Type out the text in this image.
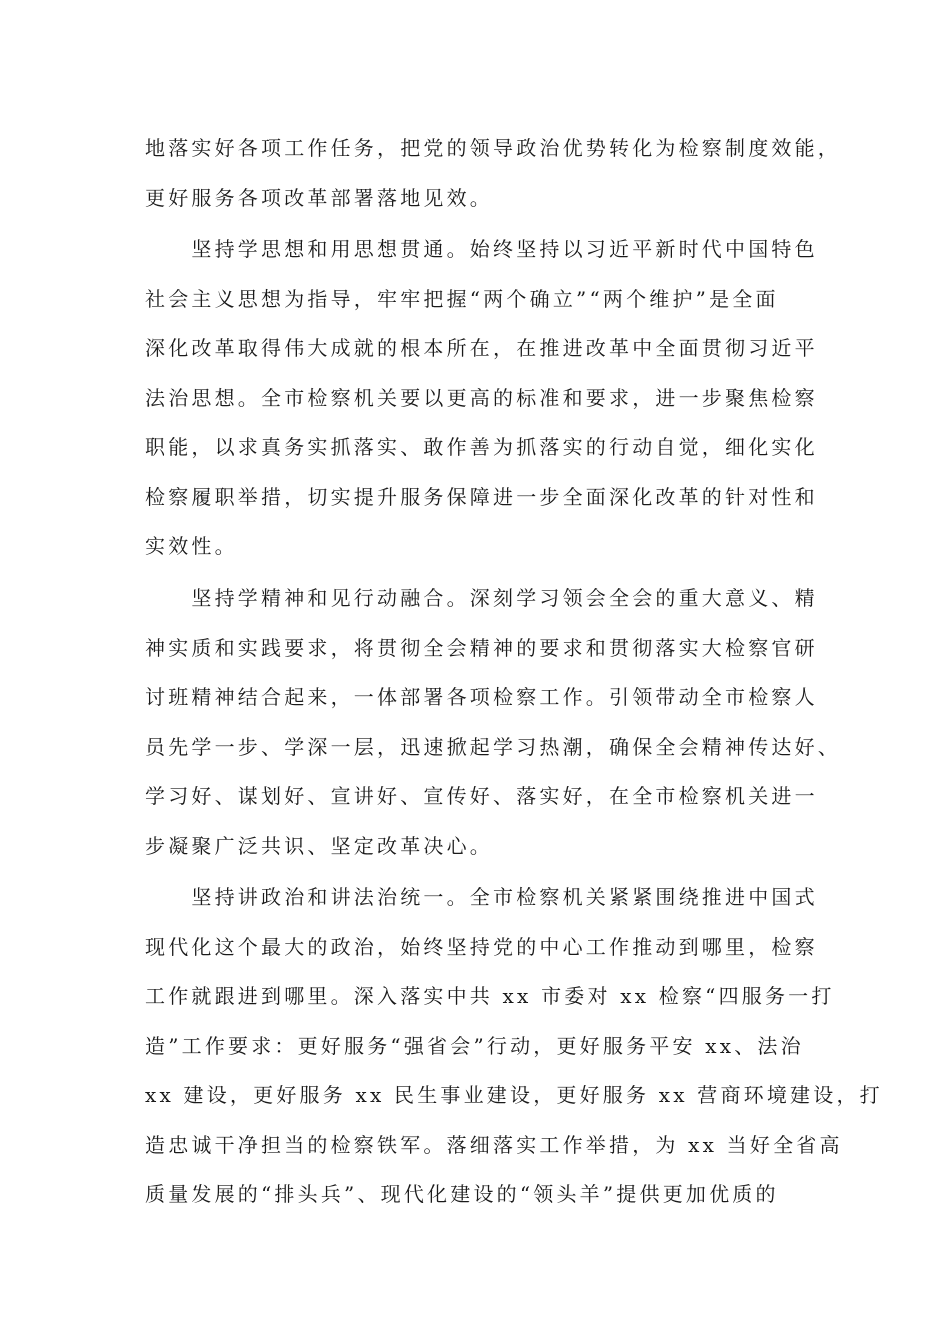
地落实好各项工作任务，把党的领导政治优势转化为检察制度效能，
更好服务各项改革部署落地见效。
　　坚持学思想和用思想贯通。始终坚持以习近平新时代中国特色
社会主义思想为指导，牢牢把握“两个确立”“两个维护”是全面
深化改革取得伟大成就的根本所在，在推进改革中全面贯彻习近平
法治思想。全市检察机关要以更高的标准和要求，进一步聚焦检察
职能，以求真务实抓落实、敢作善为抓落实的行动自觉，细化实化
检察履职举措，切实提升服务保障进一步全面深化改革的针对性和
实效性。
　　坚持学精神和见行动融合。深刻学习领会全会的重大意义、精
神实质和实践要求，将贯彻全会精神的要求和贯彻落实大检察官研
讨班精神结合起来，一体部署各项检察工作。引领带动全市检察人
员先学一步、学深一层，迅速掀起学习热潮，确保全会精神传达好、
学习好、谋划好、宣讲好、宣传好、落实好，在全市检察机关进一
步凝聚广泛共识、坚定改革决心。
　　坚持讲政治和讲法治统一。全市检察机关紧紧围绕推进中国式
现代化这个最大的政治，始终坚持党的中心工作推动到哪里，检察
工作就跟进到哪里。深入落实中共 xx 市委对 xx 检察“四服务一打
造”工作要求：更好服务“强省会”行动，更好服务平安 xx、法治
xx 建设，更好服务 xx 民生事业建设，更好服务 xx 营商环境建设，打
造忠诚干净担当的检察铁军。落细落实工作举措，为 xx 当好全省高
质量发展的“排头兵”、现代化建设的“领头羊”提供更加优质的
